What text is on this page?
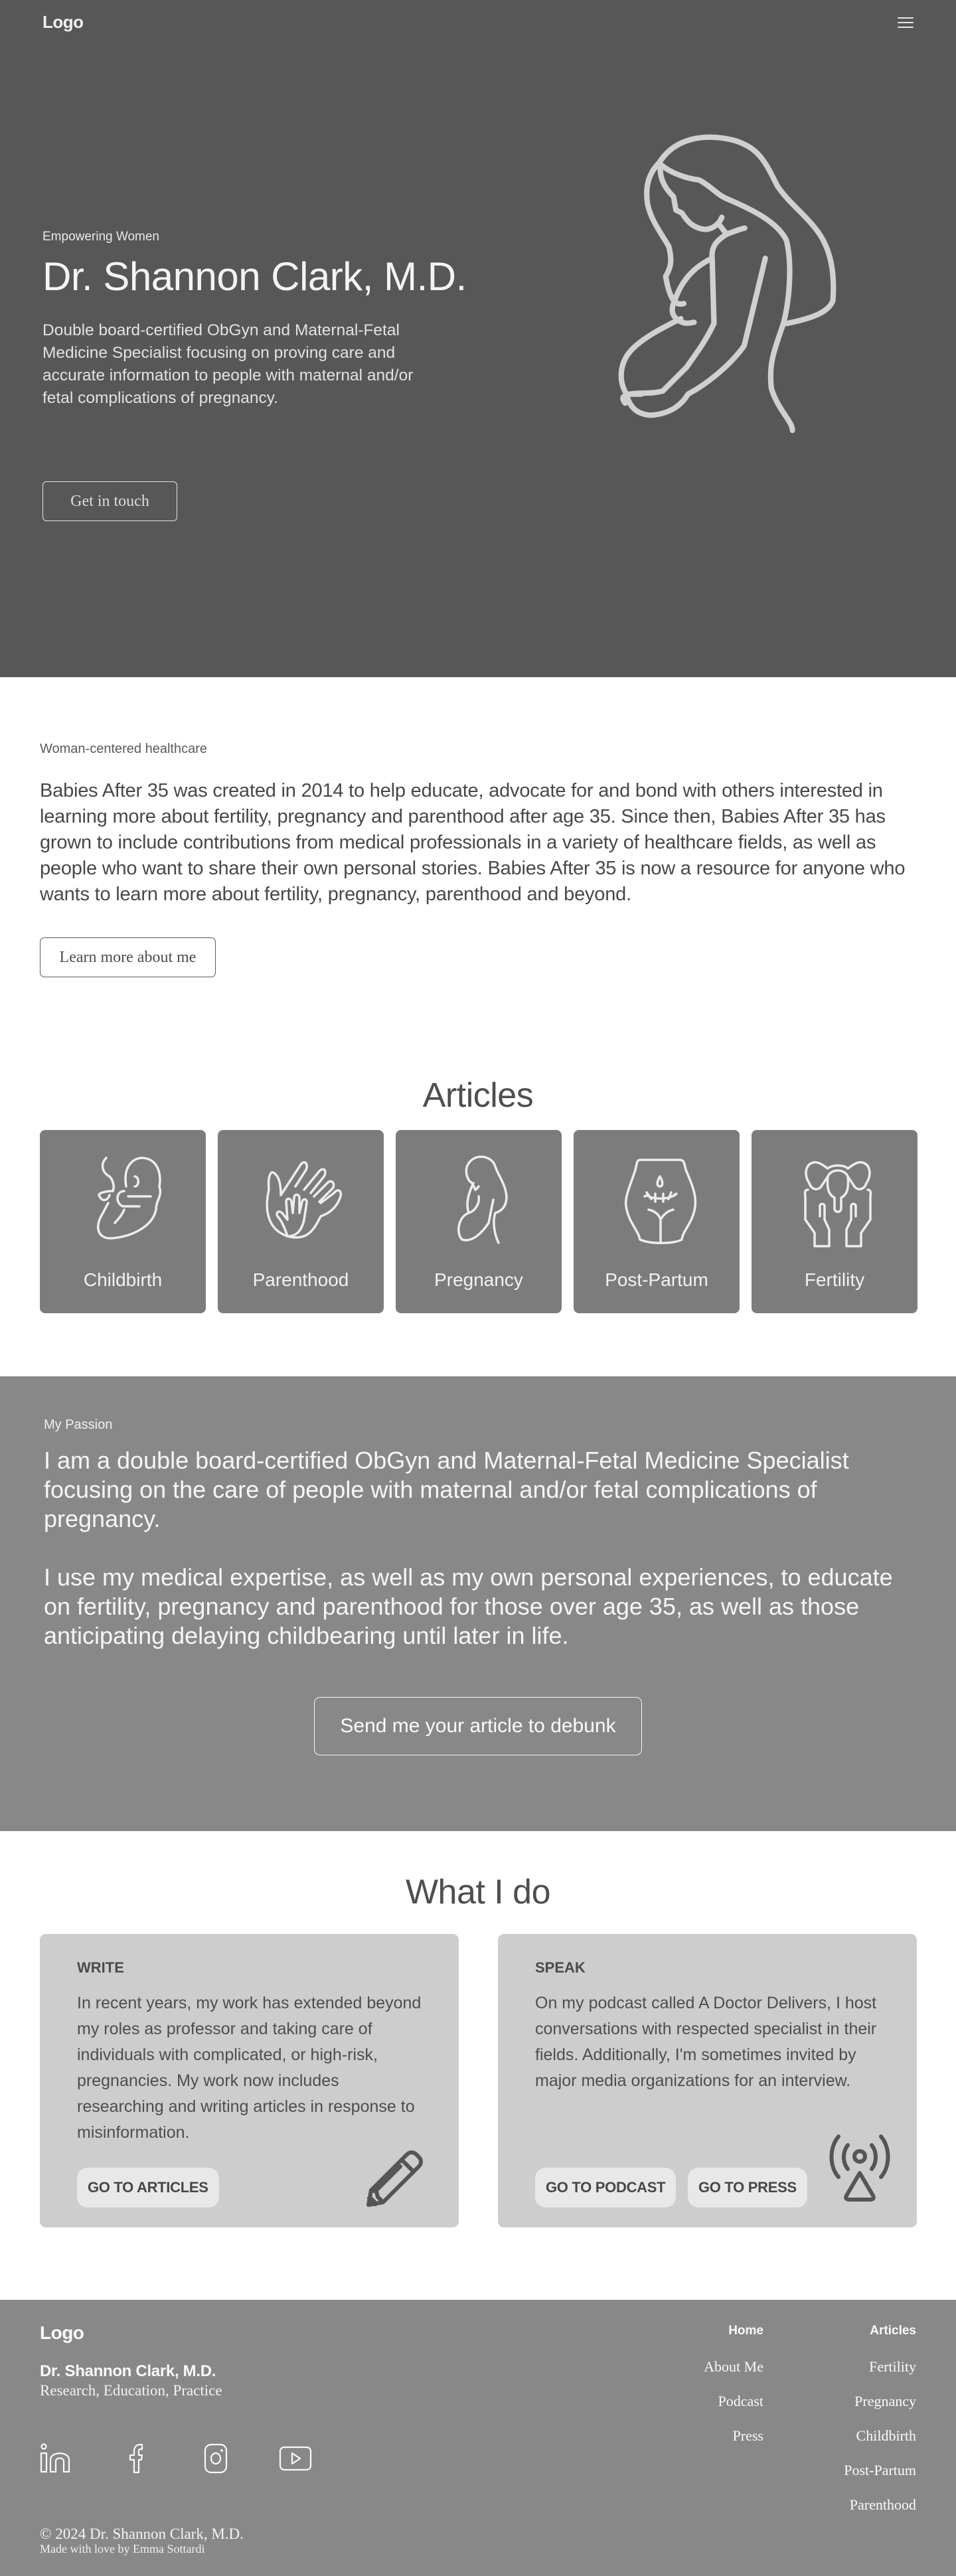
Logo
Empowering Women
Dr. Shannon Clark, M.D.

Double board-certified ObGyn and Maternal-Fetal Medicine Specialist focusing on proving care and accurate information to people with maternal and/or fetal complications of pregnancy.

Get in touch
Woman-centered healthcare

Babies After 35 was created in 2014 to help educate, advocate for and bond with others interested in learning more about fertility, pregnancy and parenthood after age 35. Since then, Babies After 35 has grown to include contributions from medical professionals in a variety of healthcare fields, as well as people who want to share their own personal stories. Babies After 35 is now a resource for anyone who wants to learn more about fertility, pregnancy, parenthood and beyond.

Learn more about me
Articles
Childbirth	Parenthood	Pregnancy	Post-Partum	Fertility
My Passion

I am a double board-certified ObGyn and Maternal-Fetal Medicine Specialist focusing on the care of people with maternal and/or fetal complications of pregnancy.

I use my medical expertise, as well as my own personal experiences, to educate on fertility, pregnancy and parenthood for those over age 35, as well as those anticipating delaying childbearing until later in life.

Send me your article to debunk
What I do
WRITE

In recent years, my work has extended beyond my roles as professor and taking care of individuals with complicated, or high-risk, pregnancies. My work now includes researching and writing articles in response to misinformation.

GO TO ARTICLES
SPEAK

On my podcast called A Doctor Delivers, I host conversations with respected specialist in their fields. Additionally, I'm sometimes invited by major media organizations for an interview.

GO TO PODCAST	GO TO PRESS
Logo
Dr. Shannon Clark, M.D.
Research, Education, Practice
© 2024 Dr. Shannon Clark, M.D.
Made with love by Emma Sottardi
Home
About Me
Podcast
Press
Articles
Fertility
Pregnancy
Childbirth
Post-Partum
Parenthood
